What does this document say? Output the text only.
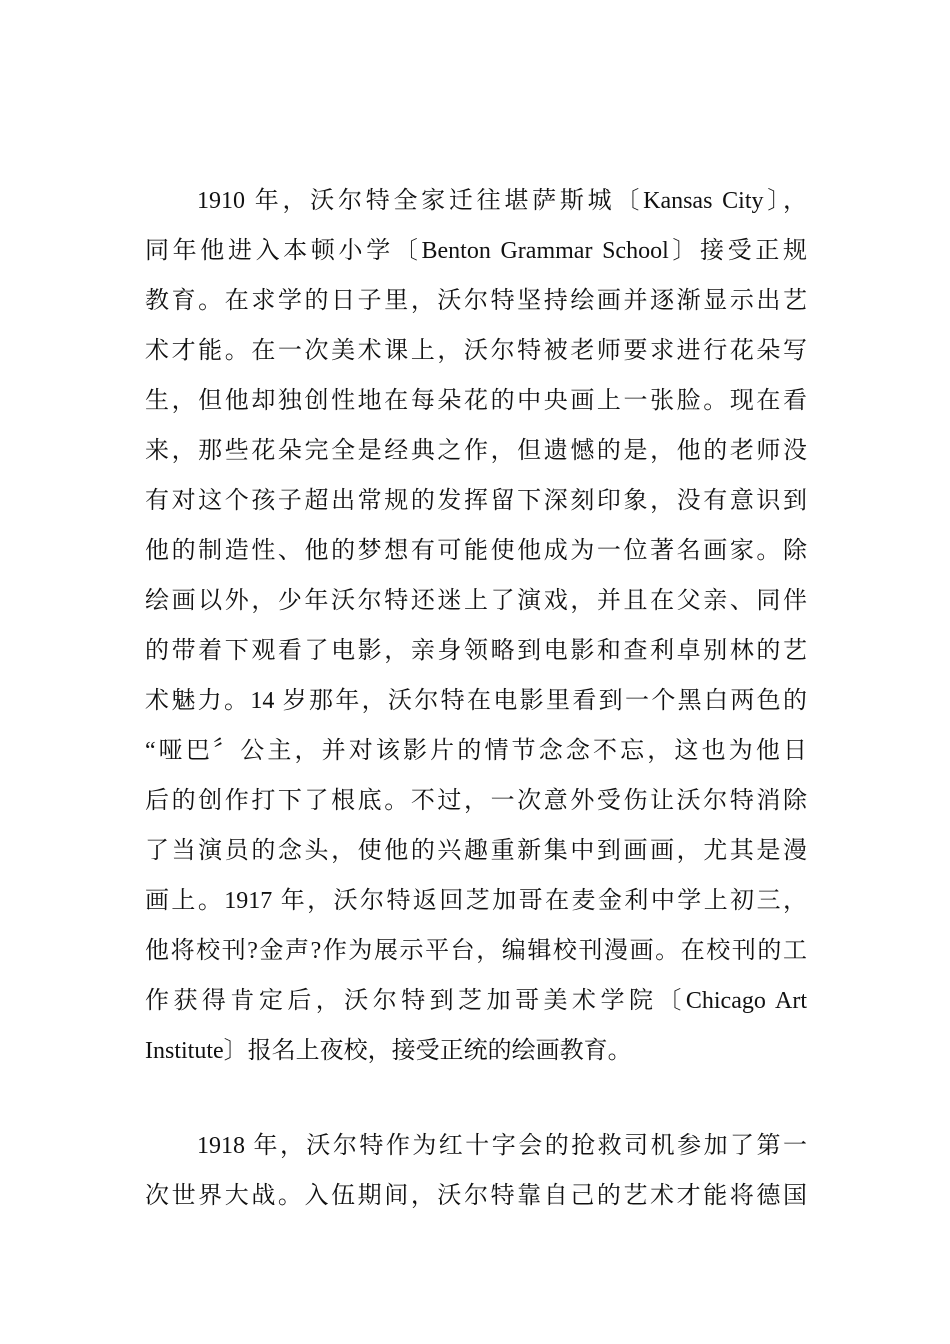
1910 年，沃尔特全家迁往堪萨斯城〔Kansas City〕，
同年他进入本顿小学〔Benton Grammar School〕接受正规
教育。在求学的日子里，沃尔特坚持绘画并逐渐显示出艺
术才能。在一次美术课上，沃尔特被老师要求进行花朵写
生，但他却独创性地在每朵花的中央画上一张脸。现在看
来，那些花朵完全是经典之作，但遗憾的是，他的老师没
有对这个孩子超出常规的发挥留下深刻印象，没有意识到
他的制造性、他的梦想有可能使他成为一位著名画家。除
绘画以外，少年沃尔特还迷上了演戏，并且在父亲、同伴
的带着下观看了电影，亲身领略到电影和查利卓别林的艺
术魅力。14 岁那年，沃尔特在电影里看到一个黑白两色的
“哑巴〞公主，并对该影片的情节念念不忘，这也为他日
后的创作打下了根底。不过，一次意外受伤让沃尔特消除
了当演员的念头，使他的兴趣重新集中到画画，尤其是漫
画上。1917 年，沃尔特返回芝加哥在麦金利中学上初三，
他将校刊?金声?作为展示平台，编辑校刊漫画。在校刊的工
作获得肯定后，沃尔特到芝加哥美术学院〔Chicago Art
Institute〕报名上夜校，接受正统的绘画教育。

1918 年，沃尔特作为红十字会的抢救司机参加了第一
次世界大战。入伍期间，沃尔特靠自己的艺术才能将德国
